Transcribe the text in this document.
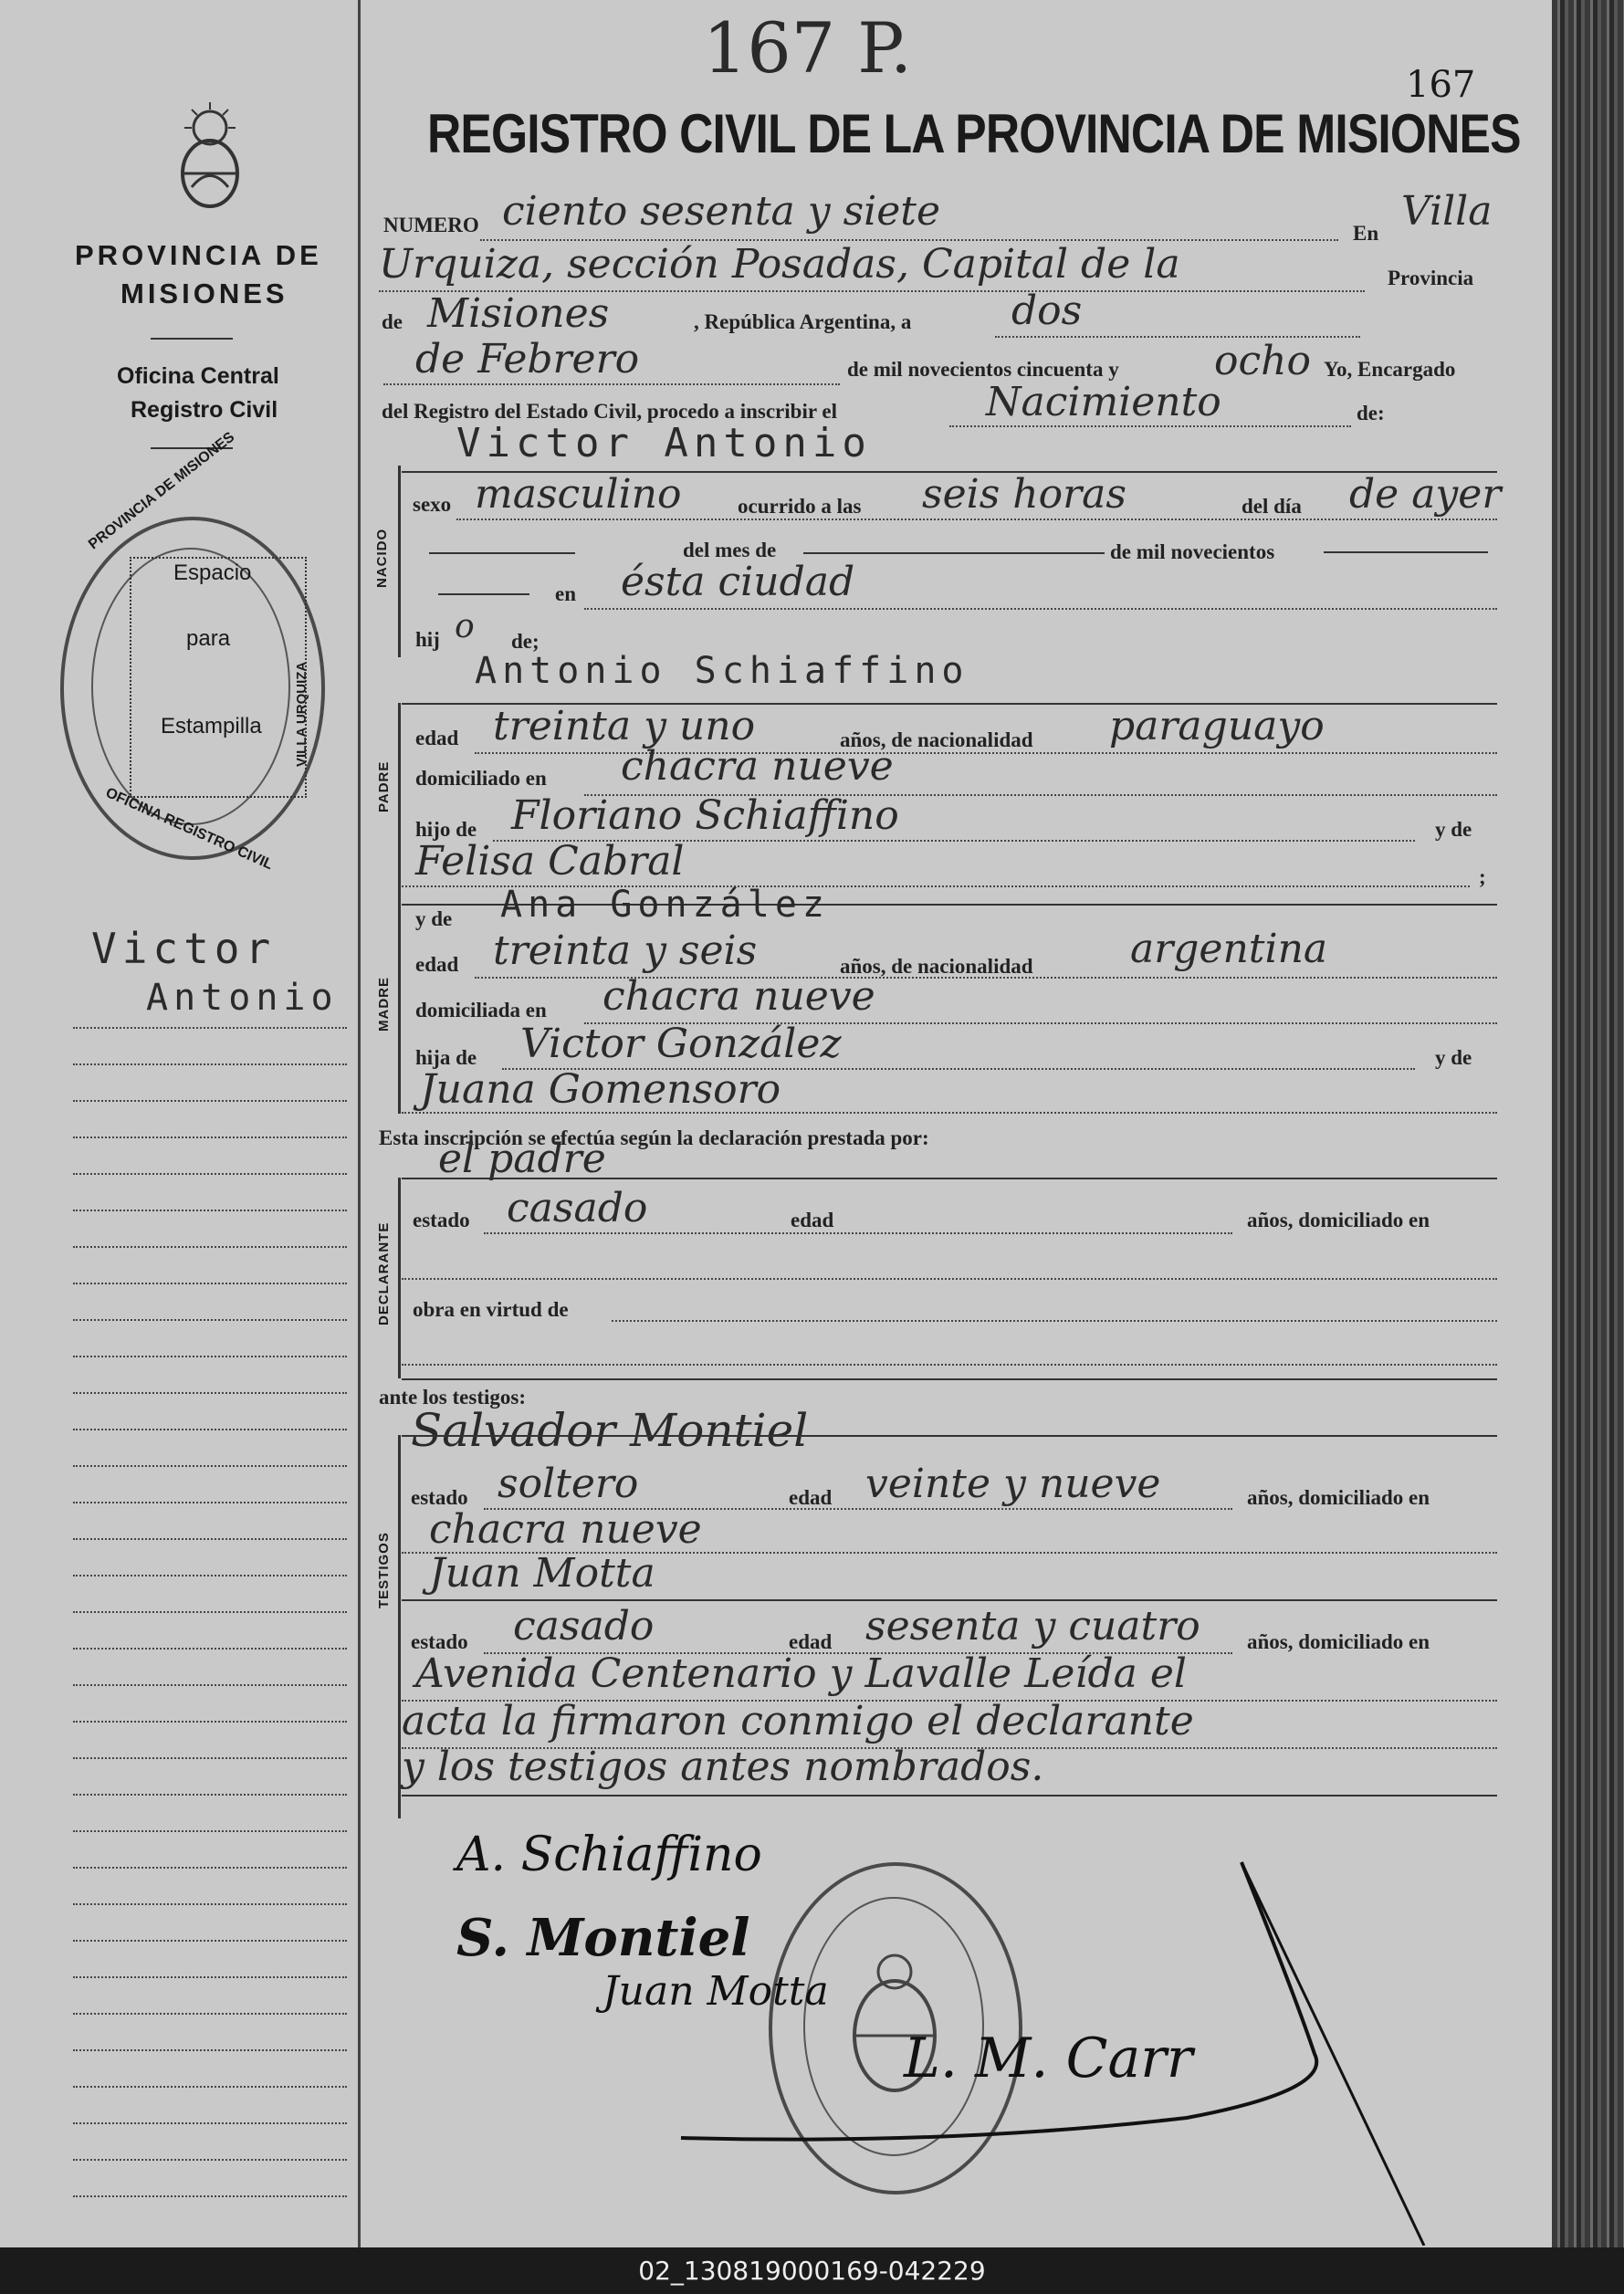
PROVINCIA DE
MISIONES
Oficina Central
Registro Civil
PROVINCIA DE MISIONES
OFICINA REGISTRO CIVIL
VILLA URQUIZA
Espacio
para
Estampilla
Victor
Antonio
167 P.	167
REGISTRO CIVIL DE LA PROVINCIA DE MISIONES
NUMERO ciento sesenta y siete	En Villa
Urquiza, sección Posadas, Capital de la	Provincia
de Misiones	, República Argentina, a dos
de Febrero	de mil novecientos cincuenta y ocho Yo, Encargado
del Registro del Estado Civil, procedo a inscribir el	Nacimiento	de:
Victor Antonio
NACIDO
sexo masculino	ocurrido a las seis horas	del día de ayer
del mes de	de mil novecientos
en ésta ciudad
hij o de;
Antonio Schiaffino
PADRE
edad treinta y uno	años, de nacionalidad paraguayo
domiciliado en chacra nueve
hijo de Floriano Schiaffino	y de
Felisa Cabral	;
MADRE
y de Ana González
edad treinta y seis	años, de nacionalidad argentina
domiciliada en chacra nueve
hija de Victor González	y de
Juana Gomensoro
Esta inscripción se efectúa según la declaración prestada por:
el padre
DECLARANTE
estado casado	edad	años, domiciliado en
obra en virtud de
ante los testigos:
Salvador Montiel
TESTIGOS
estado soltero	edad veinte y nueve	años, domiciliado en
chacra nueve
Juan Motta
estado casado	edad sesenta y cuatro años, domiciliado en
Avenida Centenario y Lavalle Leída el
acta la firmaron conmigo el declarante
y los testigos antes nombrados.
A. Schiaffino
S. Montiel
Juan Motta
L. M. Carr
02_130819000169-042229
